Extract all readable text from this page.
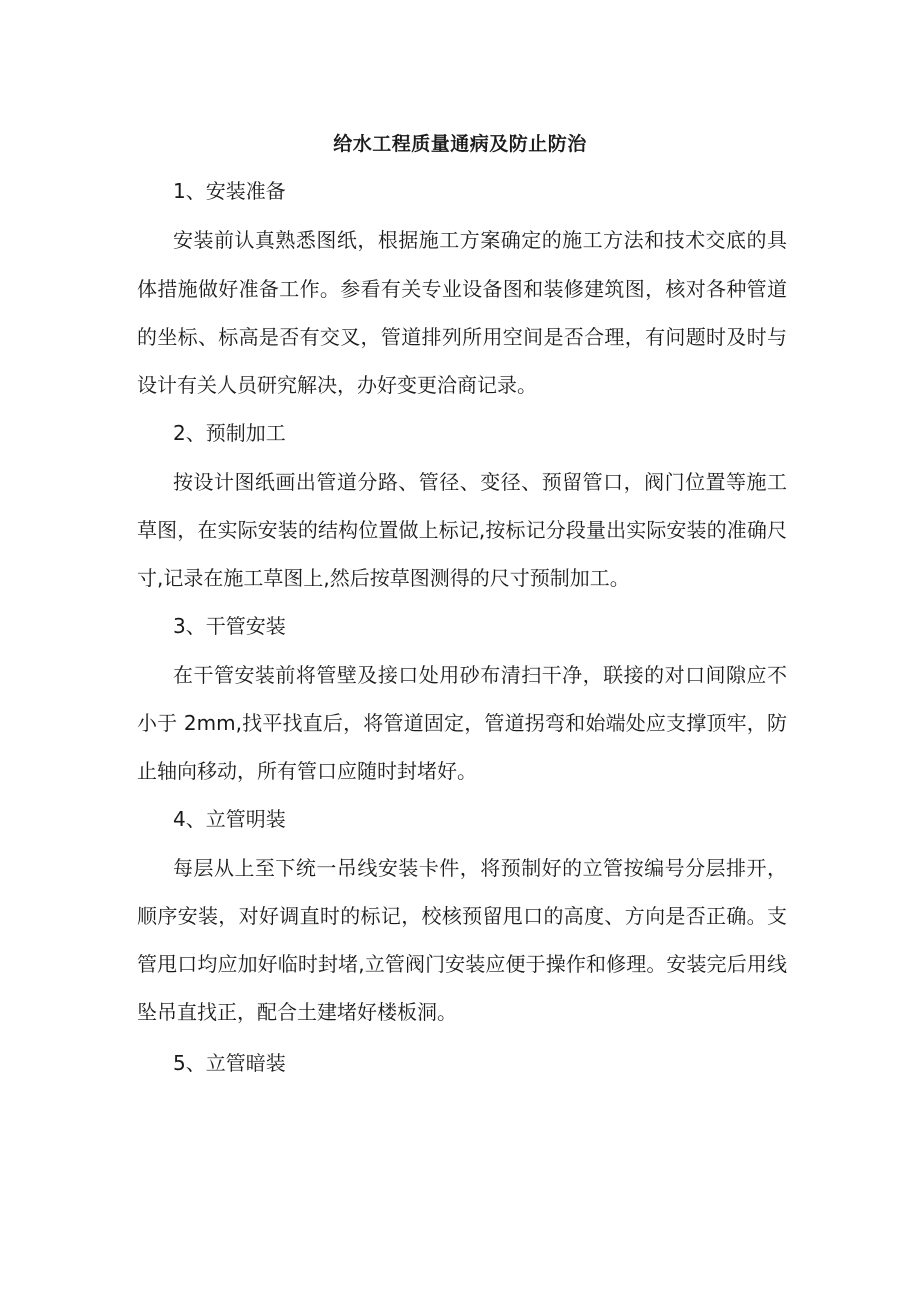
给水工程质量通病及防止防治
1、安装准备
安装前认真熟悉图纸，根据施工方案确定的施工方法和技术交底的具
体措施做好准备工作。参看有关专业设备图和装修建筑图，核对各种管道
的坐标、标高是否有交叉，管道排列所用空间是否合理，有问题时及时与
设计有关人员研究解决，办好变更洽商记录。
2、预制加工
按设计图纸画出管道分路、管径、变径、预留管口，阀门位置等施工
草图，在实际安装的结构位置做上标记,按标记分段量出实际安装的准确尺
寸,记录在施工草图上,然后按草图测得的尺寸预制加工。
3、干管安装
在干管安装前将管壁及接口处用砂布清扫干净，联接的对口间隙应不
小于 2mm,找平找直后，将管道固定，管道拐弯和始端处应支撑顶牢，防
止轴向移动，所有管口应随时封堵好。
4、立管明装
每层从上至下统一吊线安装卡件，将预制好的立管按编号分层排开，
顺序安装，对好调直时的标记，校核预留甩口的高度、方向是否正确。支
管甩口均应加好临时封堵,立管阀门安装应便于操作和修理。安装完后用线
坠吊直找正，配合土建堵好楼板洞。
5、立管暗装
